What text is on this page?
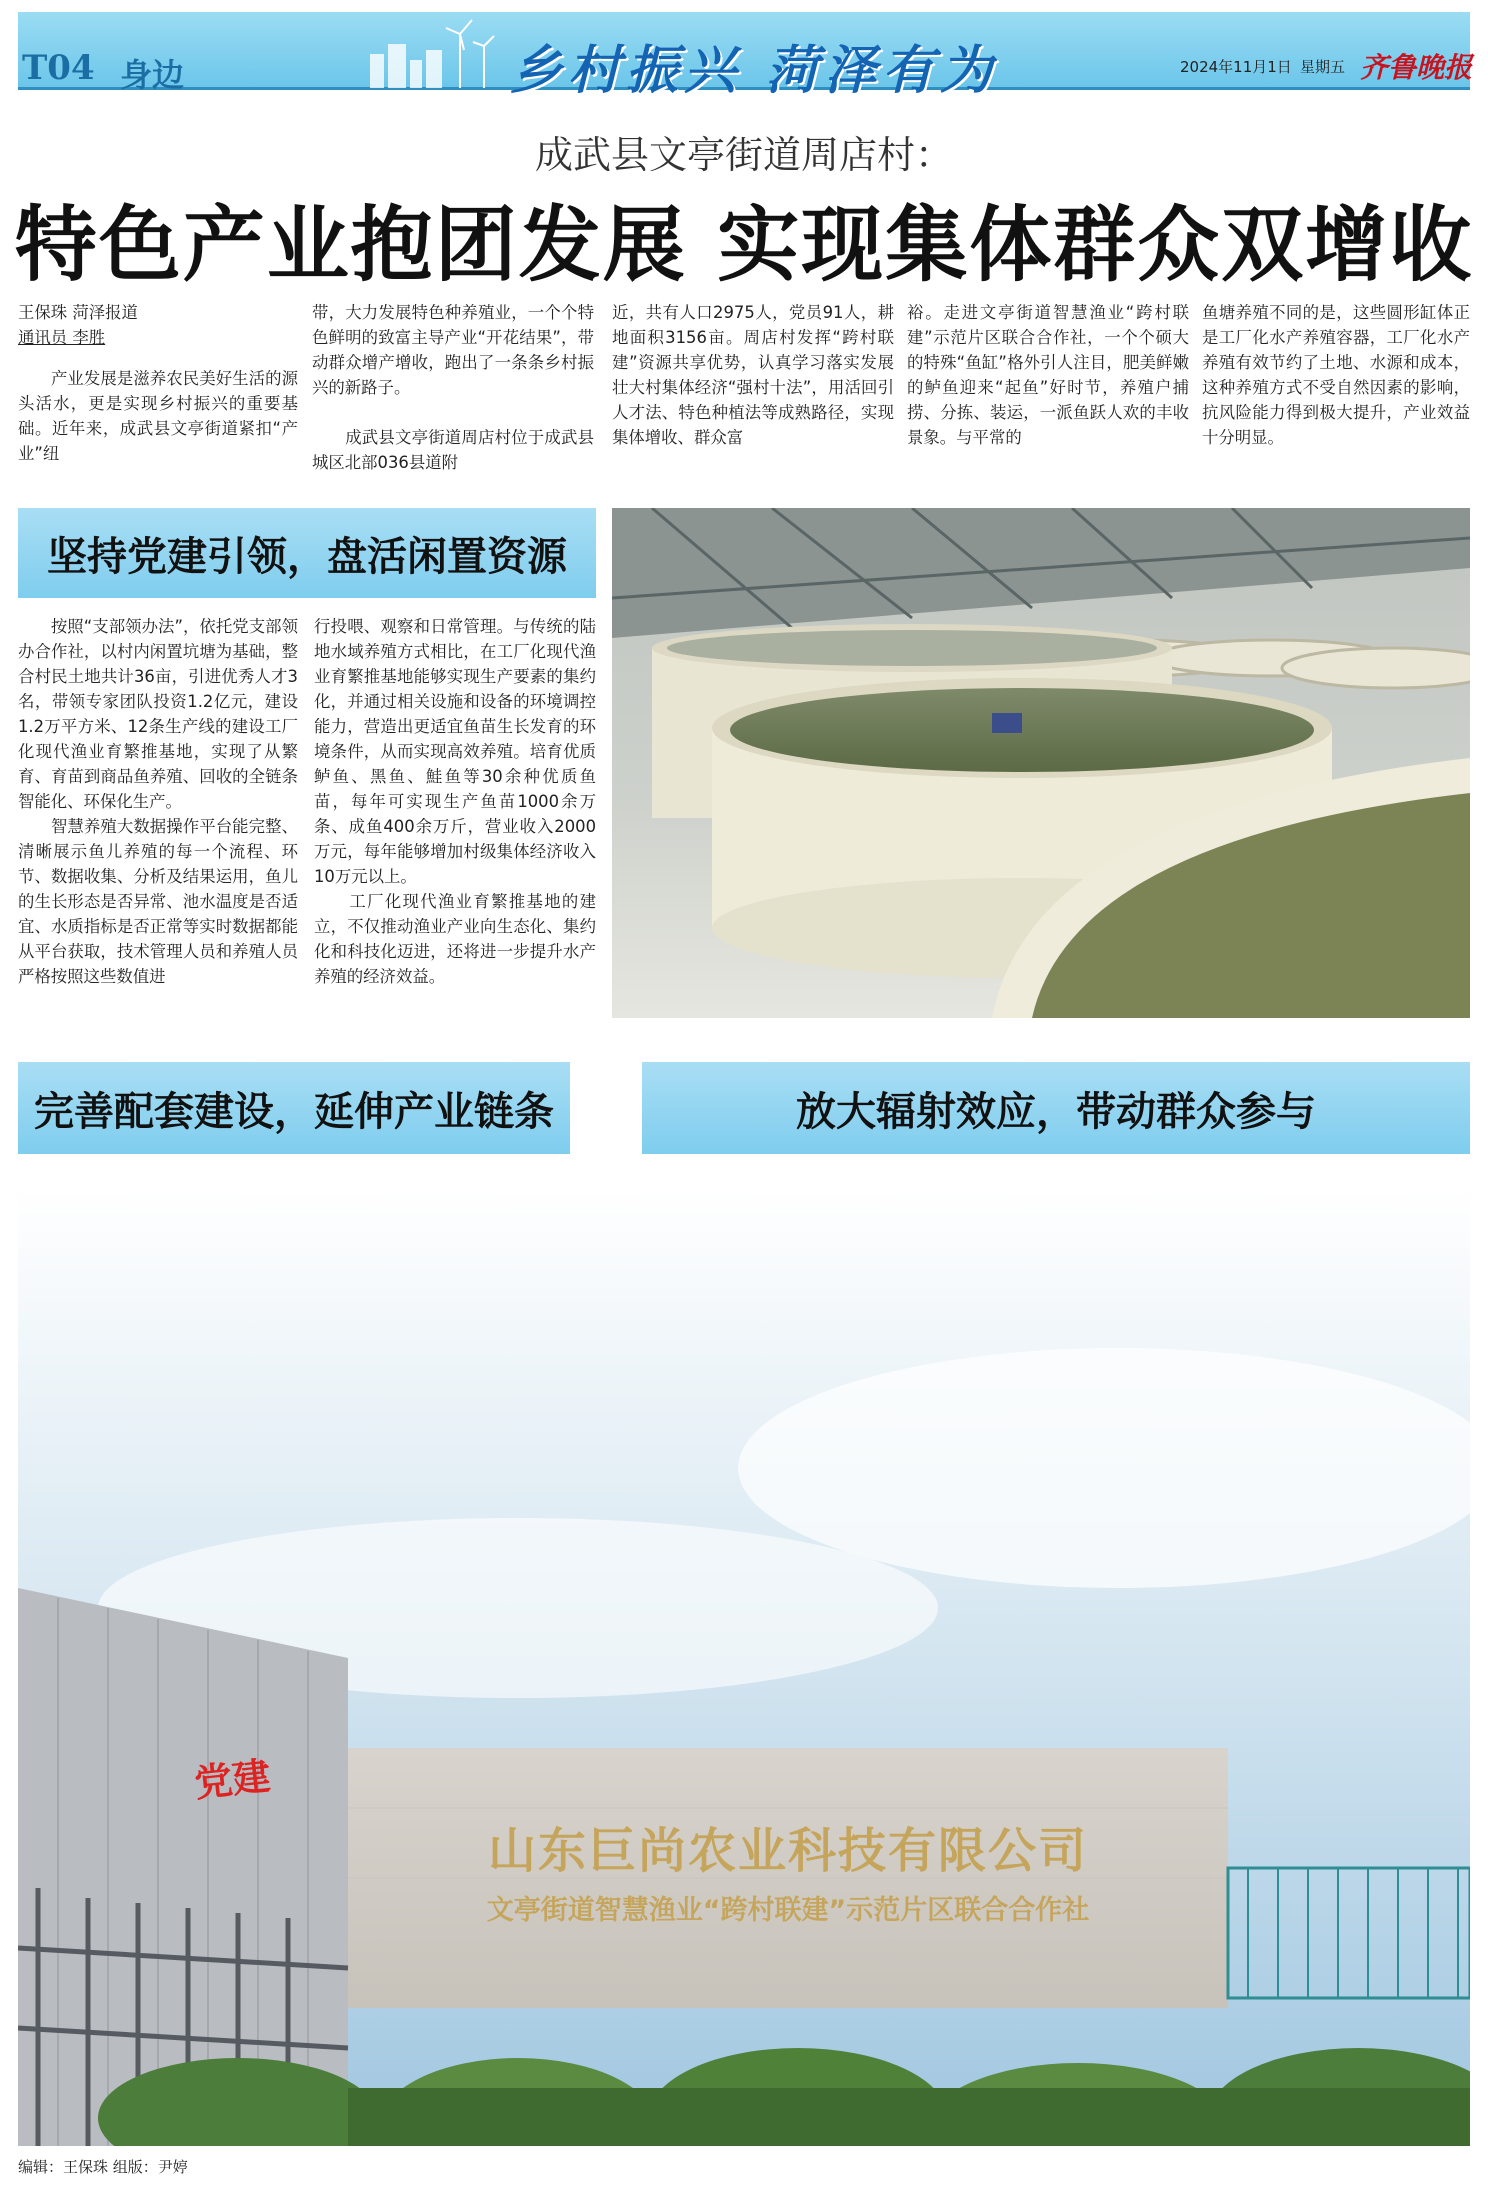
T04 身边	乡村振兴 菏泽有为	2024年11月1日 星期五 齐鲁晚报
成武县文亭街道周店村：
特色产业抱团发展 实现集体群众双增收
王保珠 菏泽报道
通讯员 李胜
　　产业发展是滋养农民美好生活的源头活水，更是实现乡村振兴的重要基础。近年来，成武县文亭街道紧扣“产业”纽
带，大力发展特色种养殖业，一个个特色鲜明的致富主导产业“开花结果”，带动群众增产增收，跑出了一条条乡村振兴的新路子。
　　成武县文亭街道周店村位于成武县城区北部036县道附
近，共有人口2975人，党员91人，耕地面积3156亩。周店村发挥“跨村联建”资源共享优势，认真学习落实发展壮大村集体经济“强村十法”，用活回引人才法、特色种植法等成熟路径，实现集体增收、群众富
裕。走进文亭街道智慧渔业“跨村联建”示范片区联合合作社，一个个硕大的特殊“鱼缸”格外引人注目，肥美鲜嫩的鲈鱼迎来“起鱼”好时节，养殖户捕捞、分拣、装运，一派鱼跃人欢的丰收景象。与平常的
鱼塘养殖不同的是，这些圆形缸体正是工厂化水产养殖容器，工厂化水产养殖有效节约了土地、水源和成本，这种养殖方式不受自然因素的影响，抗风险能力得到极大提升，产业效益十分明显。
坚持党建引领，盘活闲置资源
　　按照“支部领办法”，依托党支部领办合作社，以村内闲置坑塘为基础，整合村民土地共计36亩，引进优秀人才3名，带领专家团队投资1.2亿元，建设1.2万平方米、12条生产线的建设工厂化现代渔业育繁推基地，实现了从繁育、育苗到商品鱼养殖、回收的全链条智能化、环保化生产。
　　智慧养殖大数据操作平台能完整、清晰展示鱼儿养殖的每一个流程、环节、数据收集、分析及结果运用，鱼儿的生长形态是否异常、池水温度是否适宜、水质指标是否正常等实时数据都能从平台获取，技术管理人员和养殖人员严格按照这些数值进
行投喂、观察和日常管理。与传统的陆地水域养殖方式相比，在工厂化现代渔业育繁推基地能够实现生产要素的集约化，并通过相关设施和设备的环境调控能力，营造出更适宜鱼苗生长发育的环境条件，从而实现高效养殖。培育优质鲈鱼、黑鱼、鮭鱼等30余种优质鱼苗，每年可实现生产鱼苗1000余万条、成鱼400余万斤，营业收入2000万元，每年能够增加村级集体经济收入10万元以上。
　　工厂化现代渔业育繁推基地的建立，不仅推动渔业产业向生态化、集约化和科技化迈进，还将进一步提升水产养殖的经济效益。
完善配套建设，延伸产业链条	放大辐射效应，带动群众参与
党建
山东巨尚农业科技有限公司
文亭街道智慧渔业“跨村联建”示范片区联合合作社
编辑：王保珠 组版：尹婷
